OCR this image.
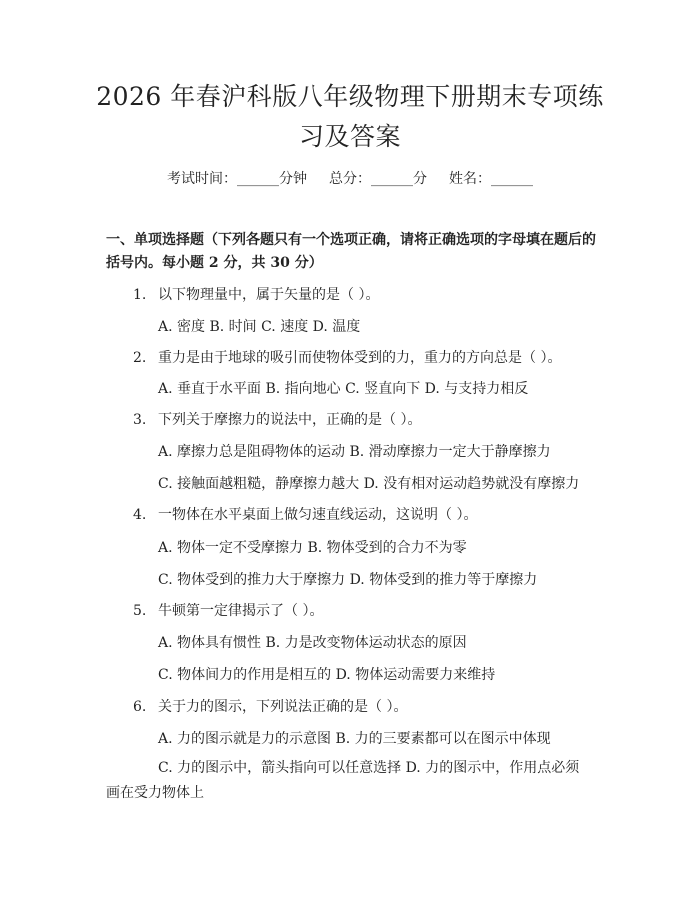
2026 年春沪科版八年级物理下册期末专项练
习及答案
考试时间：______分钟 总分：______分 姓名：______
一、单项选择题（下列各题只有一个选项正确，请将正确选项的字母填在题后的括号内。每小题 2 分，共 30 分）
1. 以下物理量中，属于矢量的是（ ）。
A. 密度 B. 时间 C. 速度 D. 温度
2. 重力是由于地球的吸引而使物体受到的力，重力的方向总是（ ）。
A. 垂直于水平面 B. 指向地心 C. 竖直向下 D. 与支持力相反
3. 下列关于摩擦力的说法中，正确的是（ ）。
A. 摩擦力总是阻碍物体的运动 B. 滑动摩擦力一定大于静摩擦力
C. 接触面越粗糙，静摩擦力越大 D. 没有相对运动趋势就没有摩擦力
4. 一物体在水平桌面上做匀速直线运动，这说明（ ）。
A. 物体一定不受摩擦力 B. 物体受到的合力不为零
C. 物体受到的推力大于摩擦力 D. 物体受到的推力等于摩擦力
5. 牛顿第一定律揭示了（ ）。
A. 物体具有惯性 B. 力是改变物体运动状态的原因
C. 物体间力的作用是相互的 D. 物体运动需要力来维持
6. 关于力的图示，下列说法正确的是（ ）。
A. 力的图示就是力的示意图 B. 力的三要素都可以在图示中体现
C. 力的图示中，箭头指向可以任意选择 D. 力的图示中，作用点必须画在受力物体上
